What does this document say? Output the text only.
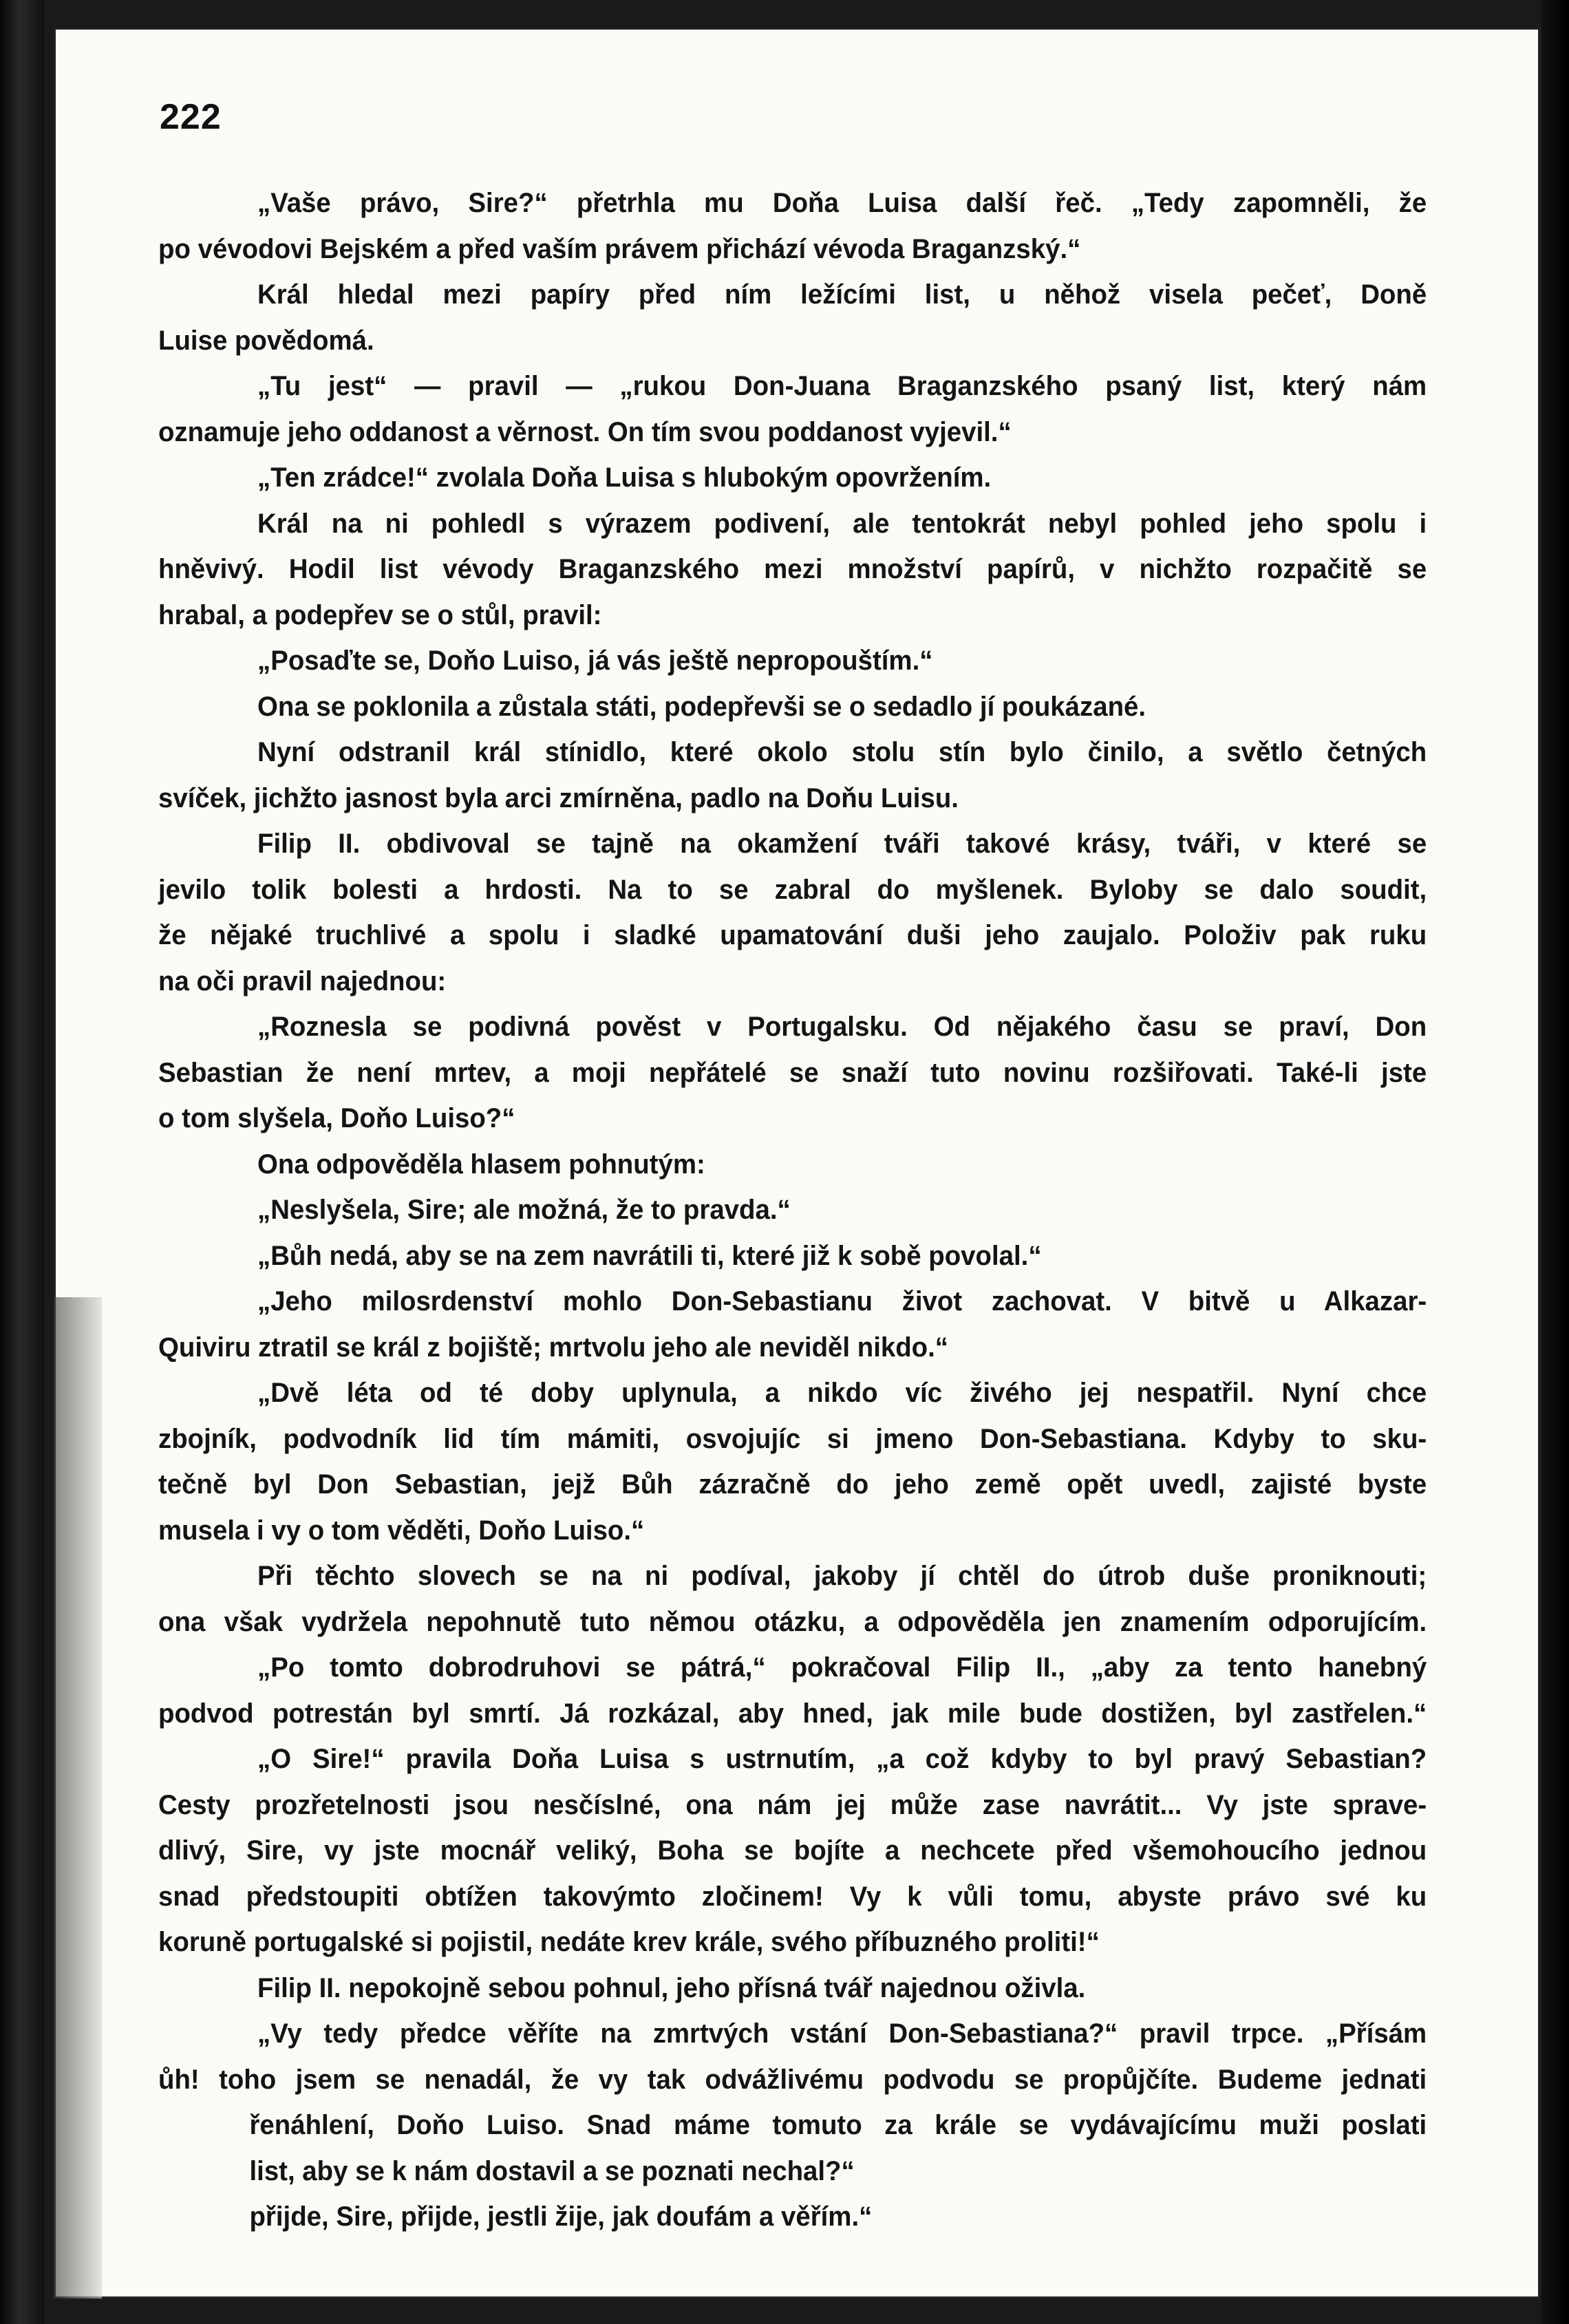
222
„Vaše právo, Sire?“ přetrhla mu Doňa Luisa další řeč. „Tedy zapomněli, že
po vévodovi Bejském a před vaším právem přichází vévoda Braganzský.“
Král hledal mezi papíry před ním ležícími list, u něhož visela pečeť, Doně
Luise povědomá.
„Tu jest“ — pravil — „rukou Don-Juana Braganzského psaný list, který nám
oznamuje jeho oddanost a věrnost. On tím svou poddanost vyjevil.“
„Ten zrádce!“ zvolala Doňa Luisa s hlubokým opovržením.
Král na ni pohledl s výrazem podivení, ale tentokrát nebyl pohled jeho spolu i
hněvivý. Hodil list vévody Braganzského mezi množství papírů, v nichžto rozpačitě se
hrabal, a podepřev se o stůl, pravil:
„Posaďte se, Doňo Luiso, já vás ještě nepropouštím.“
Ona se poklonila a zůstala státi, podepřevši se o sedadlo jí poukázané.
Nyní odstranil král stínidlo, které okolo stolu stín bylo činilo, a světlo četných
svíček, jichžto jasnost byla arci zmírněna, padlo na Doňu Luisu.
Filip II. obdivoval se tajně na okamžení tváři takové krásy, tváři, v které se
jevilo tolik bolesti a hrdosti. Na to se zabral do myšlenek. Byloby se dalo soudit,
že nějaké truchlivé a spolu i sladké upamatování duši jeho zaujalo. Položiv pak ruku
na oči pravil najednou:
„Roznesla se podivná pověst v Portugalsku. Od nějakého času se praví, Don
Sebastian že není mrtev, a moji nepřátelé se snaží tuto novinu rozšiřovati. Také-li jste
o tom slyšela, Doňo Luiso?“
Ona odpověděla hlasem pohnutým:
„Neslyšela, Sire; ale možná, že to pravda.“
„Bůh nedá, aby se na zem navrátili ti, které již k sobě povolal.“
„Jeho milosrdenství mohlo Don-Sebastianu život zachovat. V bitvě u Alkazar-
Quiviru ztratil se král z bojiště; mrtvolu jeho ale neviděl nikdo.“
„Dvě léta od té doby uplynula, a nikdo víc živého jej nespatřil. Nyní chce
zbojník, podvodník lid tím mámiti, osvojujíc si jmeno Don-Sebastiana. Kdyby to sku-
tečně byl Don Sebastian, jejž Bůh zázračně do jeho země opět uvedl, zajisté byste
musela i vy o tom věděti, Doňo Luiso.“
Při těchto slovech se na ni podíval, jakoby jí chtěl do útrob duše proniknouti;
ona však vydržela nepohnutě tuto němou otázku, a odpověděla jen znamením odporujícím.
„Po tomto dobrodruhovi se pátrá,“ pokračoval Filip II., „aby za tento hanebný
podvod potrestán byl smrtí. Já rozkázal, aby hned, jak mile bude dostižen, byl zastřelen.“
„O Sire!“ pravila Doňa Luisa s ustrnutím, „a což kdyby to byl pravý Sebastian?
Cesty prozřetelnosti jsou nesčíslné, ona nám jej může zase navrátit... Vy jste sprave-
dlivý, Sire, vy jste mocnář veliký, Boha se bojíte a nechcete před všemohoucího jednou
snad předstoupiti obtížen takovýmto zločinem! Vy k vůli tomu, abyste právo své ku
koruně portugalské si pojistil, nedáte krev krále, svého příbuzného proliti!“
Filip II. nepokojně sebou pohnul, jeho přísná tvář najednou oživla.
„Vy tedy předce věříte na zmrtvých vstání Don-Sebastiana?“ pravil trpce. „Přísám
ůh! toho jsem se nenadál, že vy tak odvážlivému podvodu se propůjčíte. Budeme jednati
řenáhlení, Doňo Luiso. Snad máme tomuto za krále se vydávajícímu muži poslati
list, aby se k nám dostavil a se poznati nechal?“
přijde, Sire, přijde, jestli žije, jak doufám a věřím.“
